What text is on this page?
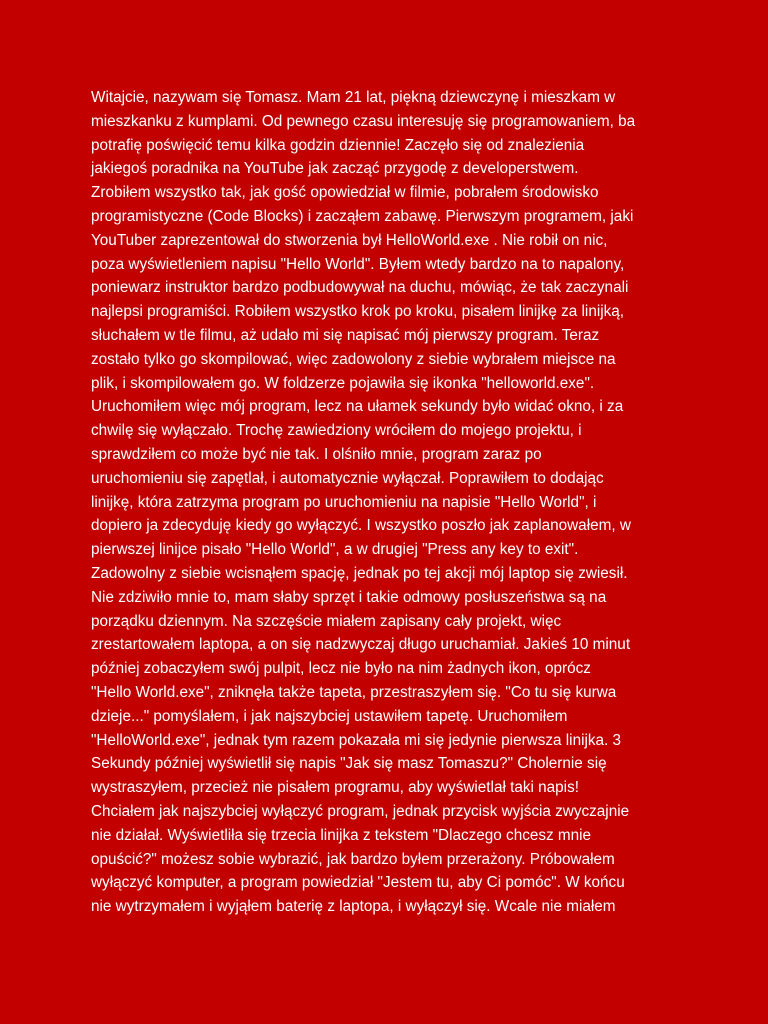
Witajcie, nazywam się Tomasz. Mam 21 lat, piękną dziewczynę i mieszkam w
mieszkanku z kumplami. Od pewnego czasu interesuję się programowaniem, ba
potrafię poświęcić temu kilka godzin dziennie! Zaczęło się od znalezienia
jakiegoś poradnika na YouTube jak zacząć przygodę z developerstwem.
Zrobiłem wszystko tak, jak gość opowiedział w filmie, pobrałem środowisko
programistyczne (Code Blocks) i zacząłem zabawę. Pierwszym programem, jaki
YouTuber zaprezentował do stworzenia był HelloWorld.exe . Nie robił on nic,
poza wyświetleniem napisu "Hello World". Byłem wtedy bardzo na to napalony,
poniewarz instruktor bardzo podbudowywał na duchu, mówiąc, że tak zaczynali
najlepsi programiści. Robiłem wszystko krok po kroku, pisałem linijkę za linijką,
słuchałem w tle filmu, aż udało mi się napisać mój pierwszy program. Teraz
zostało tylko go skompilować, więc zadowolony z siebie wybrałem miejsce na
plik, i skompilowałem go. W foldzerze pojawiła się ikonka "helloworld.exe".
Uruchomiłem więc mój program, lecz na ułamek sekundy było widać okno, i za
chwilę się wyłączało. Trochę zawiedziony wróciłem do mojego projektu, i
sprawdziłem co może być nie tak. I olśniło mnie, program zaraz po
uruchomieniu się zapętlał, i automatycznie wyłączał. Poprawiłem to dodając
linijkę, która zatrzyma program po uruchomieniu na napisie "Hello World", i
dopiero ja zdecyduję kiedy go wyłączyć. I wszystko poszło jak zaplanowałem, w
pierwszej linijce pisało "Hello World", a w drugiej "Press any key to exit".
Zadowolny z siebie wcisnąłem spację, jednak po tej akcji mój laptop się zwiesił.
Nie zdziwiło mnie to, mam słaby sprzęt i takie odmowy posłuszeństwa są na
porządku dziennym. Na szczęście miałem zapisany cały projekt, więc
zrestartowałem laptopa, a on się nadzwyczaj długo uruchamiał. Jakieś 10 minut
później zobaczyłem swój pulpit, lecz nie było na nim żadnych ikon, oprócz
"Hello World.exe", zniknęła także tapeta, przestraszyłem się. "Co tu się kurwa
dzieje..." pomyślałem, i jak najszybciej ustawiłem tapetę. Uruchomiłem
"HelloWorld.exe", jednak tym razem pokazała mi się jedynie pierwsza linijka. 3
Sekundy później wyświetlił się napis "Jak się masz Tomaszu?" Cholernie się
wystraszyłem, przecież nie pisałem programu, aby wyświetlał taki napis!
Chciałem jak najszybciej wyłączyć program, jednak przycisk wyjścia zwyczajnie
nie działał. Wyświetliła się trzecia linijka z tekstem "Dlaczego chcesz mnie
opuścić?" możesz sobie wybrazić, jak bardzo byłem przerażony. Próbowałem
wyłączyć komputer, a program powiedział "Jestem tu, aby Ci pomóc". W końcu
nie wytrzymałem i wyjąłem baterię z laptopa, i wyłączył się. Wcale nie miałem
